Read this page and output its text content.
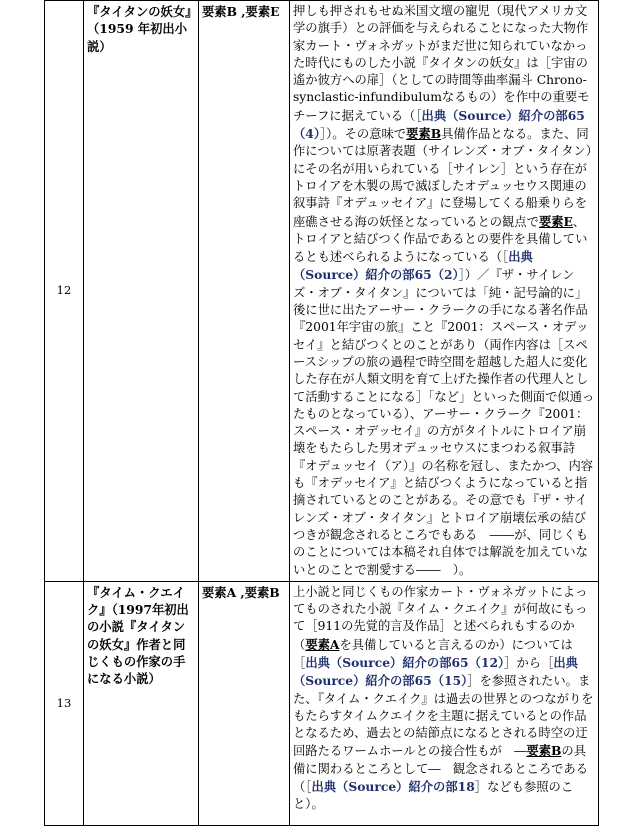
12	『タイタンの妖女』（1959 年初出小説）	要素B ,要素E	押しも押されもせぬ米国文壇の寵児（現代アメリカ文学の旗手）との評価を与えられることになった大物作家カート・ヴォネガットがまだ世に知られていなかった時代にものした小説『タイタンの妖女』は［宇宙の遙か彼方への扉］（としての時間等曲率漏斗 Chrono-synclastic-infundibulumなるもの）を作中の重要モチーフに据えている（［出典（Source）紹介の部65（4）］）。その意味で要素B具備作品となる。また、同作については原著表題（サイレンズ・オブ・タイタン）にその名が用いられている［サイレン］という存在がトロイアを木製の馬で滅ぼしたオデュッセウス関連の叙事詩『オデュッセイア』に登場してくる船乗りらを座礁させる海の妖怪となっているとの観点で要素E、トロイアと結びつく作品であるとの要件を具備しているとも述べられるようになっている（［出典（Source）紹介の部65（2）］）／『ザ・サイレンズ・オブ・タイタン』については「純・記号論的に」後に世に出たアーサー・クラークの手になる著名作品『2001年宇宙の旅』こと『2001：スペース・オデッセイ』と結びつくとのことがあり（両作内容は［スペースシップの旅の過程で時空間を超越した超人に変化した存在が人類文明を育て上げた操作者の代理人として活動することになる］「など」といった側面で似通ったものとなっている）、アーサー・クラーク『2001：スペース・オデッセイ』の方がタイトルにトロイア崩壊をもたらした男オデュッセウスにまつわる叙事詩『オデュッセイ（ア）』の名称を冠し、またかつ、内容も『オデッセイア』と結びつくようになっていると指摘されているとのことがある。その意でも『ザ・サイレンズ・オブ・タイタン』とトロイア崩壊伝承の結びつきが観念されるところでもある　――が、同じくものことについては本稿それ自体では解説を加えていないとのことで割愛する――　）。
13	『タイム・クエイク』（1997年初出の小説『タイタンの妖女』作者と同じくもの作家の手になる小説）	要素A ,要素B	上小説と同じくもの作家カート・ヴォネガットによってものされた小説『タイム・クエイク』が何故にもって［911の先覚的言及作品］と述べられもするのか（要素Aを具備していると言えるのか）については［出典（Source）紹介の部65（12）］から［出典（Source）紹介の部65（15）］を参照されたい。また、『タイム・クエイク』は過去の世界とのつながりをもたらすタイムクエイクを主題に据えているとの作品となるため、過去との結節点になるとされる時空の迂回路たるワームホールとの接合性もが　―要素Bの具備に関わるところとして―　観念されるところである（［出典（Source）紹介の部18］なども参照のこと）。
